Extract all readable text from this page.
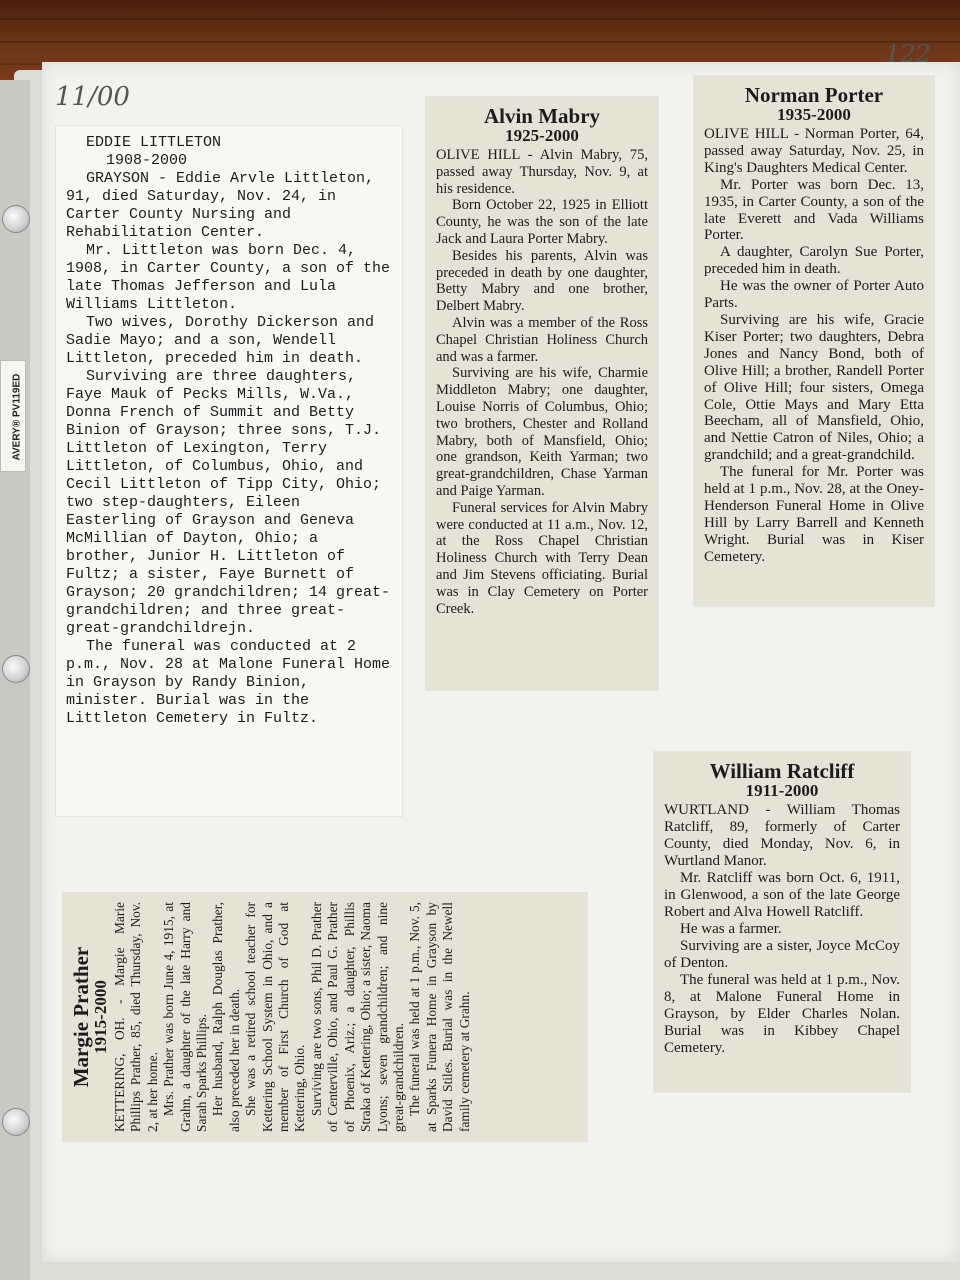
AVERY® PV119ED
11/00
122
EDDIE LITTLETON
1908-2000

GRAYSON - Eddie Arvle Littleton, 91, died Saturday, Nov. 24, in Carter County Nursing and Rehabilitation Center.

Mr. Littleton was born Dec. 4, 1908, in Carter County, a son of the late Thomas Jefferson and Lula Williams Littleton.

Two wives, Dorothy Dickerson and Sadie Mayo; and a son, Wendell Littleton, preceded him in death.

Surviving are three daughters, Faye Mauk of Pecks Mills, W.Va., Donna French of Summit and Betty Binion of Grayson; three sons, T.J. Littleton of Lexington, Terry Littleton, of Columbus, Ohio, and Cecil Littleton of Tipp City, Ohio; two step-daughters, Eileen Easterling of Grayson and Geneva McMillian of Dayton, Ohio; a brother, Junior H. Littleton of Fultz; a sister, Faye Burnett of Grayson; 20 grandchildren; 14 great-grandchildren; and three great-great-grandchildrejn.

The funeral was conducted at 2 p.m., Nov. 28 at Malone Funeral Home in Grayson by Randy Binion, minister. Burial was in the Littleton Cemetery in Fultz.

Alvin Mabry
1925-2000

OLIVE HILL - Alvin Mabry, 75, passed away Thursday, Nov. 9, at his residence.

Born October 22, 1925 in Elliott County, he was the son of the late Jack and Laura Porter Mabry.

Besides his parents, Alvin was preceded in death by one daughter, Betty Mabry and one brother, Delbert Mabry.

Alvin was a member of the Ross Chapel Christian Holiness Church and was a farmer.

Surviving are his wife, Charmie Middleton Mabry; one daughter, Louise Norris of Columbus, Ohio; two brothers, Chester and Rolland Mabry, both of Mansfield, Ohio; one grandson, Keith Yarman; two great-grandchildren, Chase Yarman and Paige Yarman.

Funeral services for Alvin Mabry were conducted at 11 a.m., Nov. 12, at the Ross Chapel Christian Holiness Church with Terry Dean and Jim Stevens officiating. Burial was in Clay Cemetery on Porter Creek.

Norman Porter
1935-2000

OLIVE HILL - Norman Porter, 64, passed away Saturday, Nov. 25, in King's Daughters Medical Center.

Mr. Porter was born Dec. 13, 1935, in Carter County, a son of the late Everett and Vada Williams Porter.

A daughter, Carolyn Sue Porter, preceded him in death.

He was the owner of Porter Auto Parts.

Surviving are his wife, Gracie Kiser Porter; two daughters, Debra Jones and Nancy Bond, both of Olive Hill; a brother, Randell Porter of Olive Hill; four sisters, Omega Cole, Ottie Mays and Mary Etta Beecham, all of Mansfield, Ohio, and Nettie Catron of Niles, Ohio; a grandchild; and a great-grandchild.

The funeral for Mr. Porter was held at 1 p.m., Nov. 28, at the Oney-Henderson Funeral Home in Olive Hill by Larry Barrell and Kenneth Wright. Burial was in Kiser Cemetery.

William Ratcliff
1911-2000

WURTLAND - William Thomas Ratcliff, 89, formerly of Carter County, died Monday, Nov. 6, in Wurtland Manor.

Mr. Ratcliff was born Oct. 6, 1911, in Glenwood, a son of the late George Robert and Alva Howell Ratcliff.

He was a farmer.

Surviving are a sister, Joyce McCoy of Denton.

The funeral was held at 1 p.m., Nov. 8, at Malone Funeral Home in Grayson, by Elder Charles Nolan. Burial was in Kibbey Chapel Cemetery.

Margie Prather
1915-2000 KETTERING, OH. - Margie Marie Phillips Prather, 85, died Thursday, Nov. 2, at her home. Mrs. Prather was born June 4, 1915, at Grahn, a daughter of the late Harry and Sarah Sparks Phillips. Her husband, Ralph Douglas Prather, also preceded her in death. She was a retired school teacher for Kettering School System in Ohio, and a member of First Church of God at Kettering, Ohio. Surviving are two sons, Phil D. Prather of Centerville, Ohio, and Paul G. Prather of Phoenix, Ariz.; a daughter, Phillis Straka of Kettering, Ohio; a sister, Naoma Lyons; seven grandchildren; and nine great-grandchildren. The funeral was held at 1 p.m., Nov. 5, at Sparks Funera Home in Grayson by David Stiles. Burial was in the Newell family cemetery at Grahn.
